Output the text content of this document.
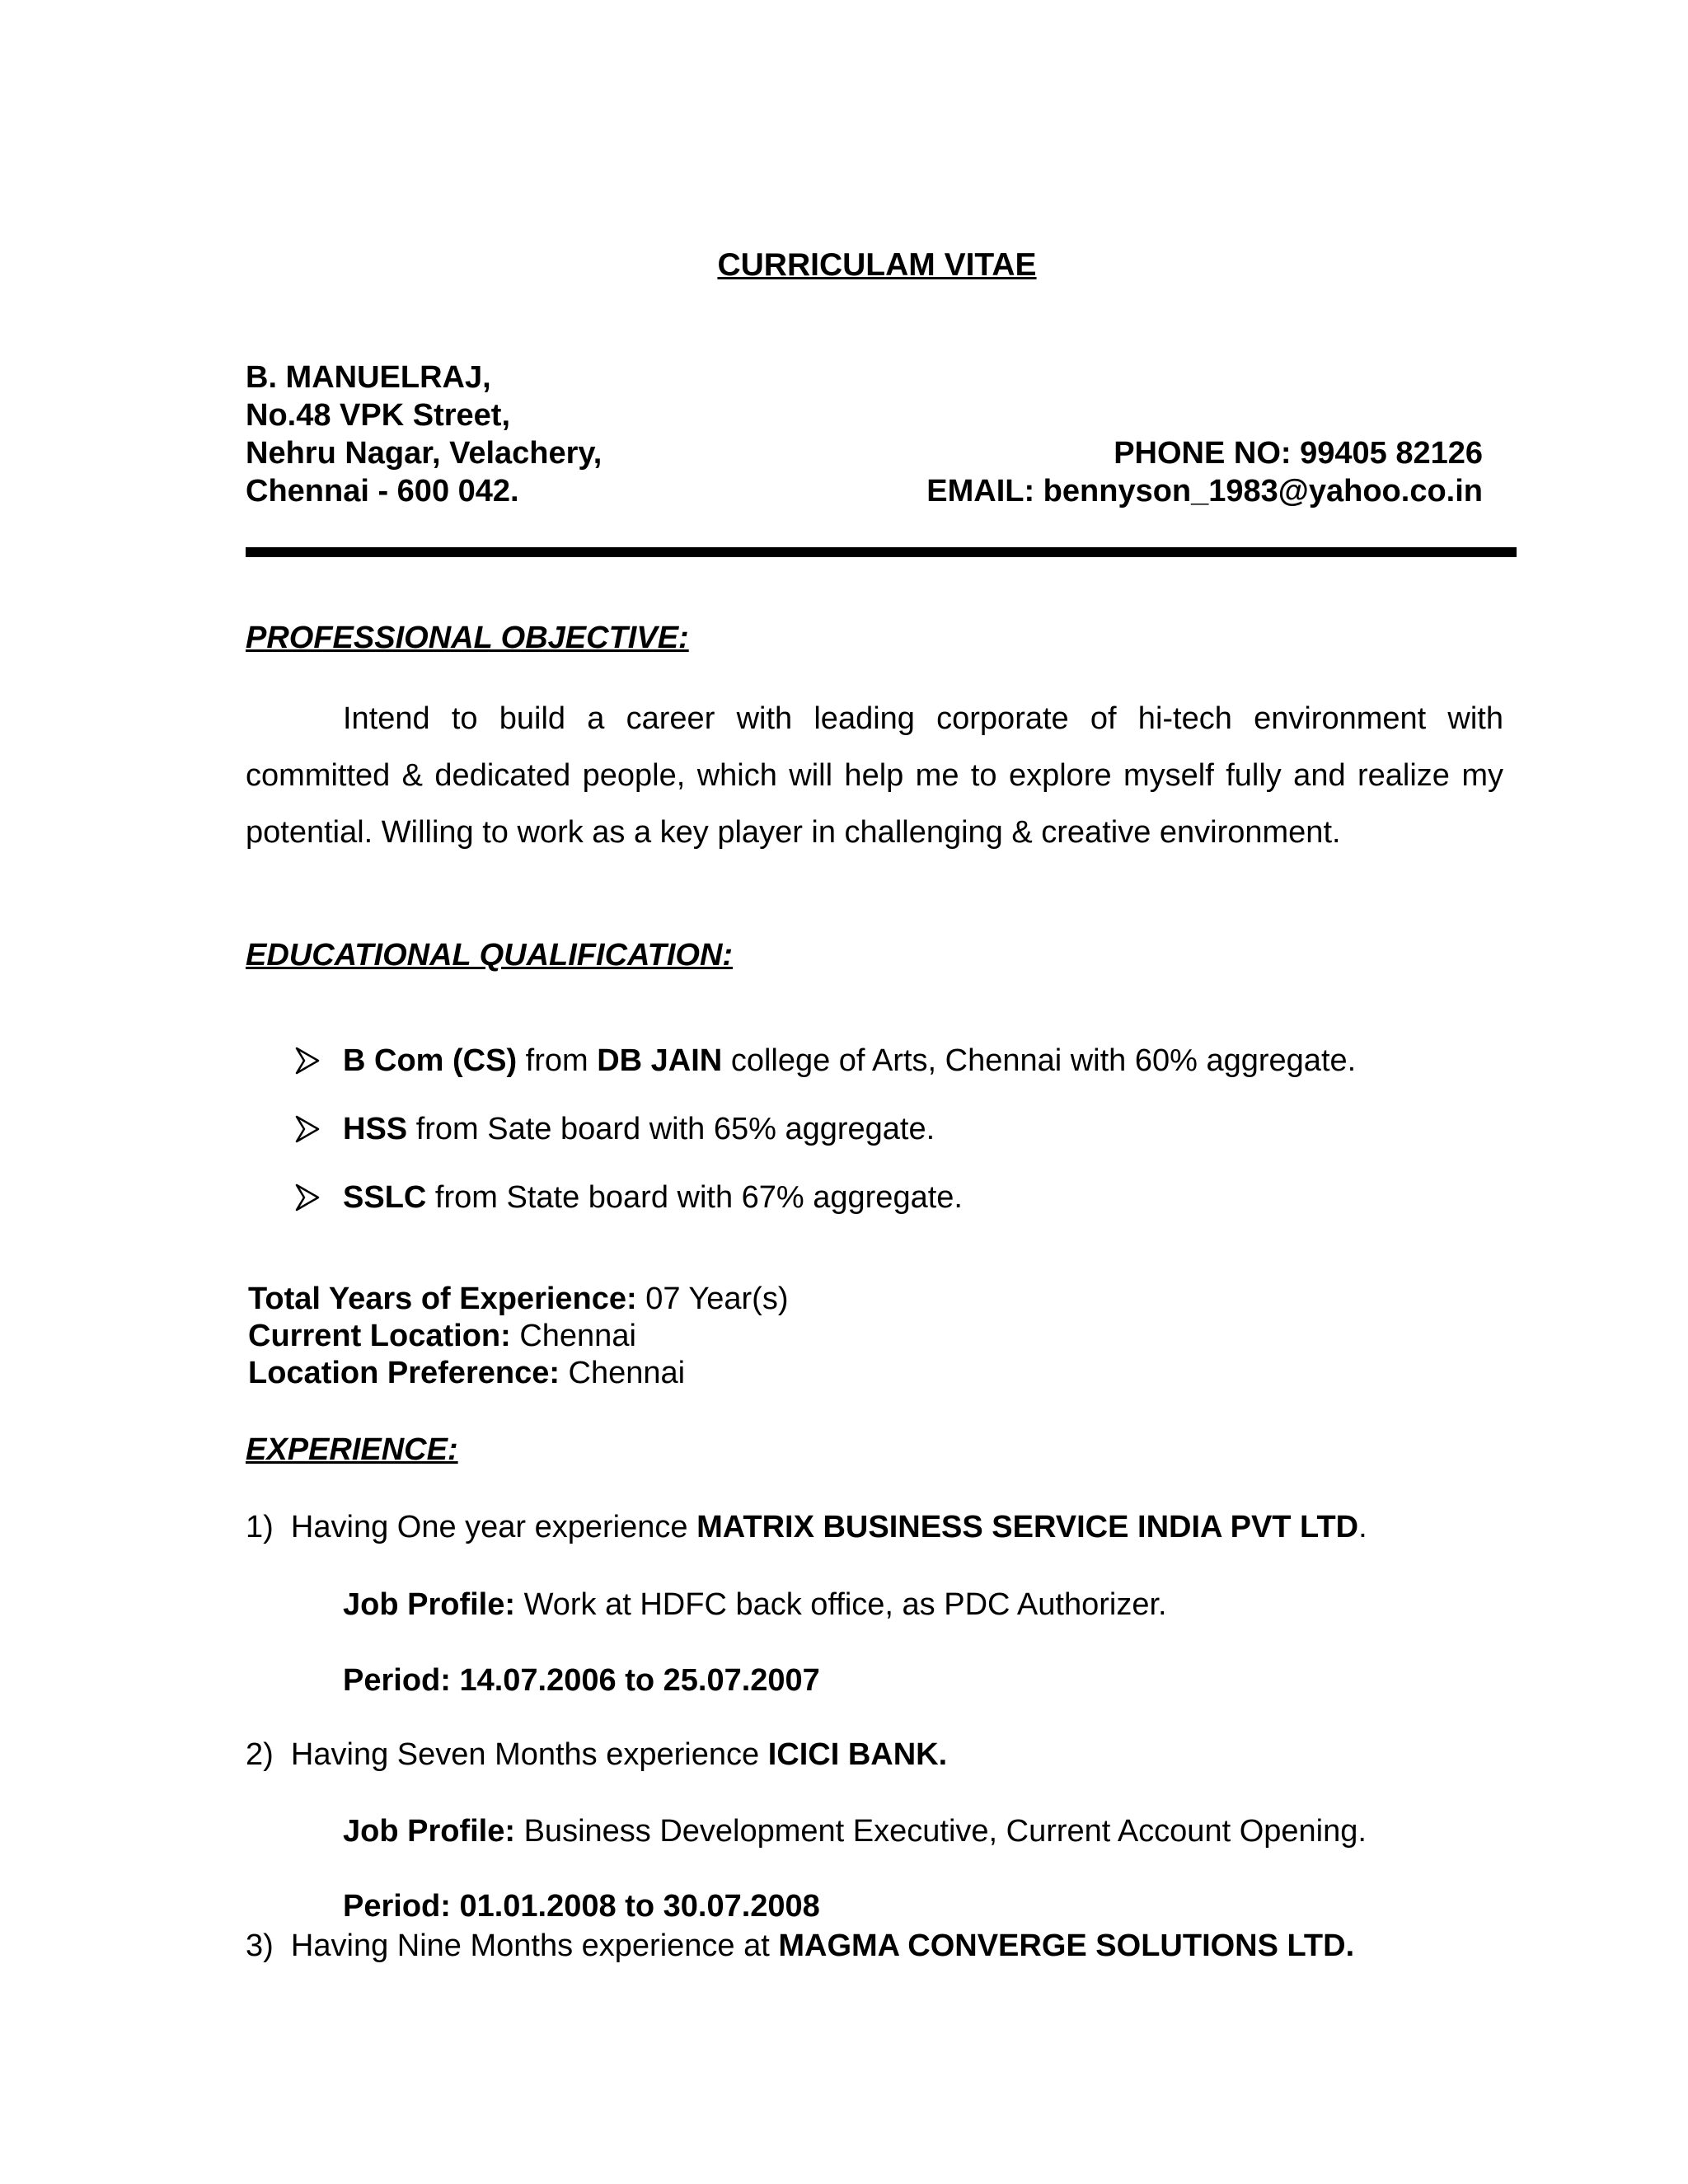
CURRICULAM VITAE
B. MANUELRAJ,
No.48 VPK Street,
Nehru Nagar, Velachery,
Chennai - 600 042.
PHONE NO: 99405 82126
EMAIL: bennyson_1983@yahoo.co.in
PROFESSIONAL OBJECTIVE:
Intend to build a career with leading corporate of hi-tech environment with committed & dedicated people, which will help me to explore myself fully and realize my potential. Willing to work as a key player in challenging & creative environment.
EDUCATIONAL QUALIFICATION:
B Com (CS) from DB JAIN college of Arts, Chennai with 60% aggregate.
HSS from Sate board with 65% aggregate.
SSLC from State board with 67% aggregate.
Total Years of Experience: 07 Year(s)
Current Location: Chennai
Location Preference: Chennai
EXPERIENCE:
1) Having One year experience MATRIX BUSINESS SERVICE INDIA PVT LTD.
Job Profile: Work at HDFC back office, as PDC Authorizer.
Period: 14.07.2006 to 25.07.2007
2) Having Seven Months experience ICICI BANK.
Job Profile: Business Development Executive, Current Account Opening.
Period: 01.01.2008 to 30.07.2008
3) Having Nine Months experience at MAGMA CONVERGE SOLUTIONS LTD.
